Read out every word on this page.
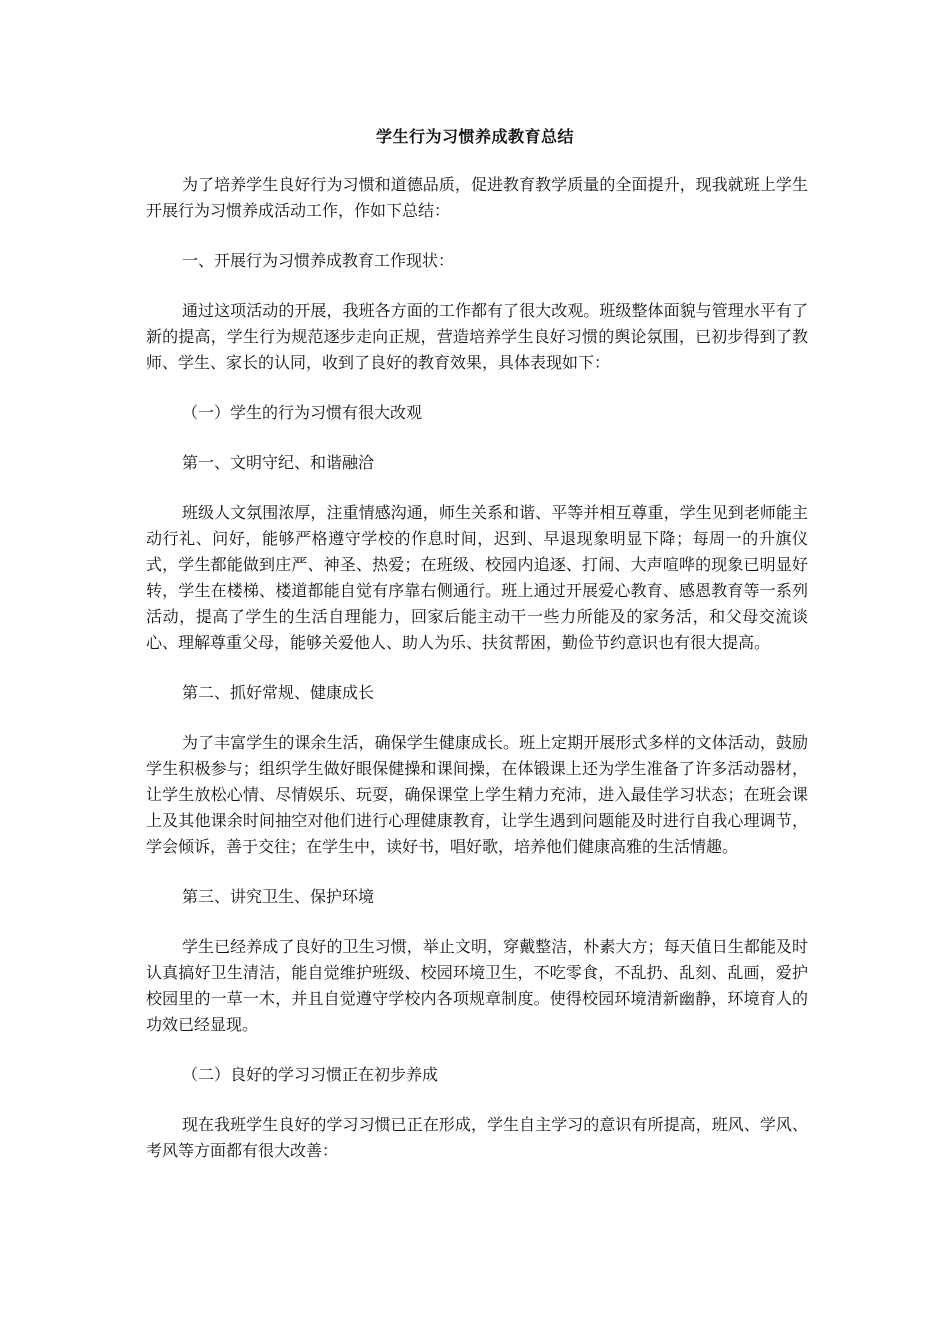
学生行为习惯养成教育总结

为了培养学生良好行为习惯和道德品质，促进教育教学质量的全面提升，现我就班上学生开展行为习惯养成活动工作，作如下总结：

一、开展行为习惯养成教育工作现状：

通过这项活动的开展，我班各方面的工作都有了很大改观。班级整体面貌与管理水平有了新的提高，学生行为规范逐步走向正规，营造培养学生良好习惯的舆论氛围，已初步得到了教师、学生、家长的认同，收到了良好的教育效果，具体表现如下：

（一）学生的行为习惯有很大改观

第一、文明守纪、和谐融洽

班级人文氛围浓厚，注重情感沟通，师生关系和谐、平等并相互尊重，学生见到老师能主动行礼、问好，能够严格遵守学校的作息时间，迟到、早退现象明显下降；每周一的升旗仪式，学生都能做到庄严、神圣、热爱；在班级、校园内追逐、打闹、大声喧哗的现象已明显好转，学生在楼梯、楼道都能自觉有序靠右侧通行。班上通过开展爱心教育、感恩教育等一系列活动，提高了学生的生活自理能力，回家后能主动干一些力所能及的家务活，和父母交流谈心、理解尊重父母，能够关爱他人、助人为乐、扶贫帮困，勤俭节约意识也有很大提高。

第二、抓好常规、健康成长

为了丰富学生的课余生活，确保学生健康成长。班上定期开展形式多样的文体活动，鼓励学生积极参与；组织学生做好眼保健操和课间操，在体锻课上还为学生准备了许多活动器材，让学生放松心情、尽情娱乐、玩耍，确保课堂上学生精力充沛，进入最佳学习状态；在班会课上及其他课余时间抽空对他们进行心理健康教育，让学生遇到问题能及时进行自我心理调节，学会倾诉，善于交往；在学生中，读好书，唱好歌，培养他们健康高雅的生活情趣。

第三、讲究卫生、保护环境

学生已经养成了良好的卫生习惯，举止文明，穿戴整洁，朴素大方；每天值日生都能及时认真搞好卫生清洁，能自觉维护班级、校园环境卫生，不吃零食，不乱扔、乱刻、乱画，爱护校园里的一草一木，并且自觉遵守学校内各项规章制度。使得校园环境清新幽静，环境育人的功效已经显现。

（二）良好的学习习惯正在初步养成

现在我班学生良好的学习习惯已正在形成，学生自主学习的意识有所提高，班风、学风、考风等方面都有很大改善：
